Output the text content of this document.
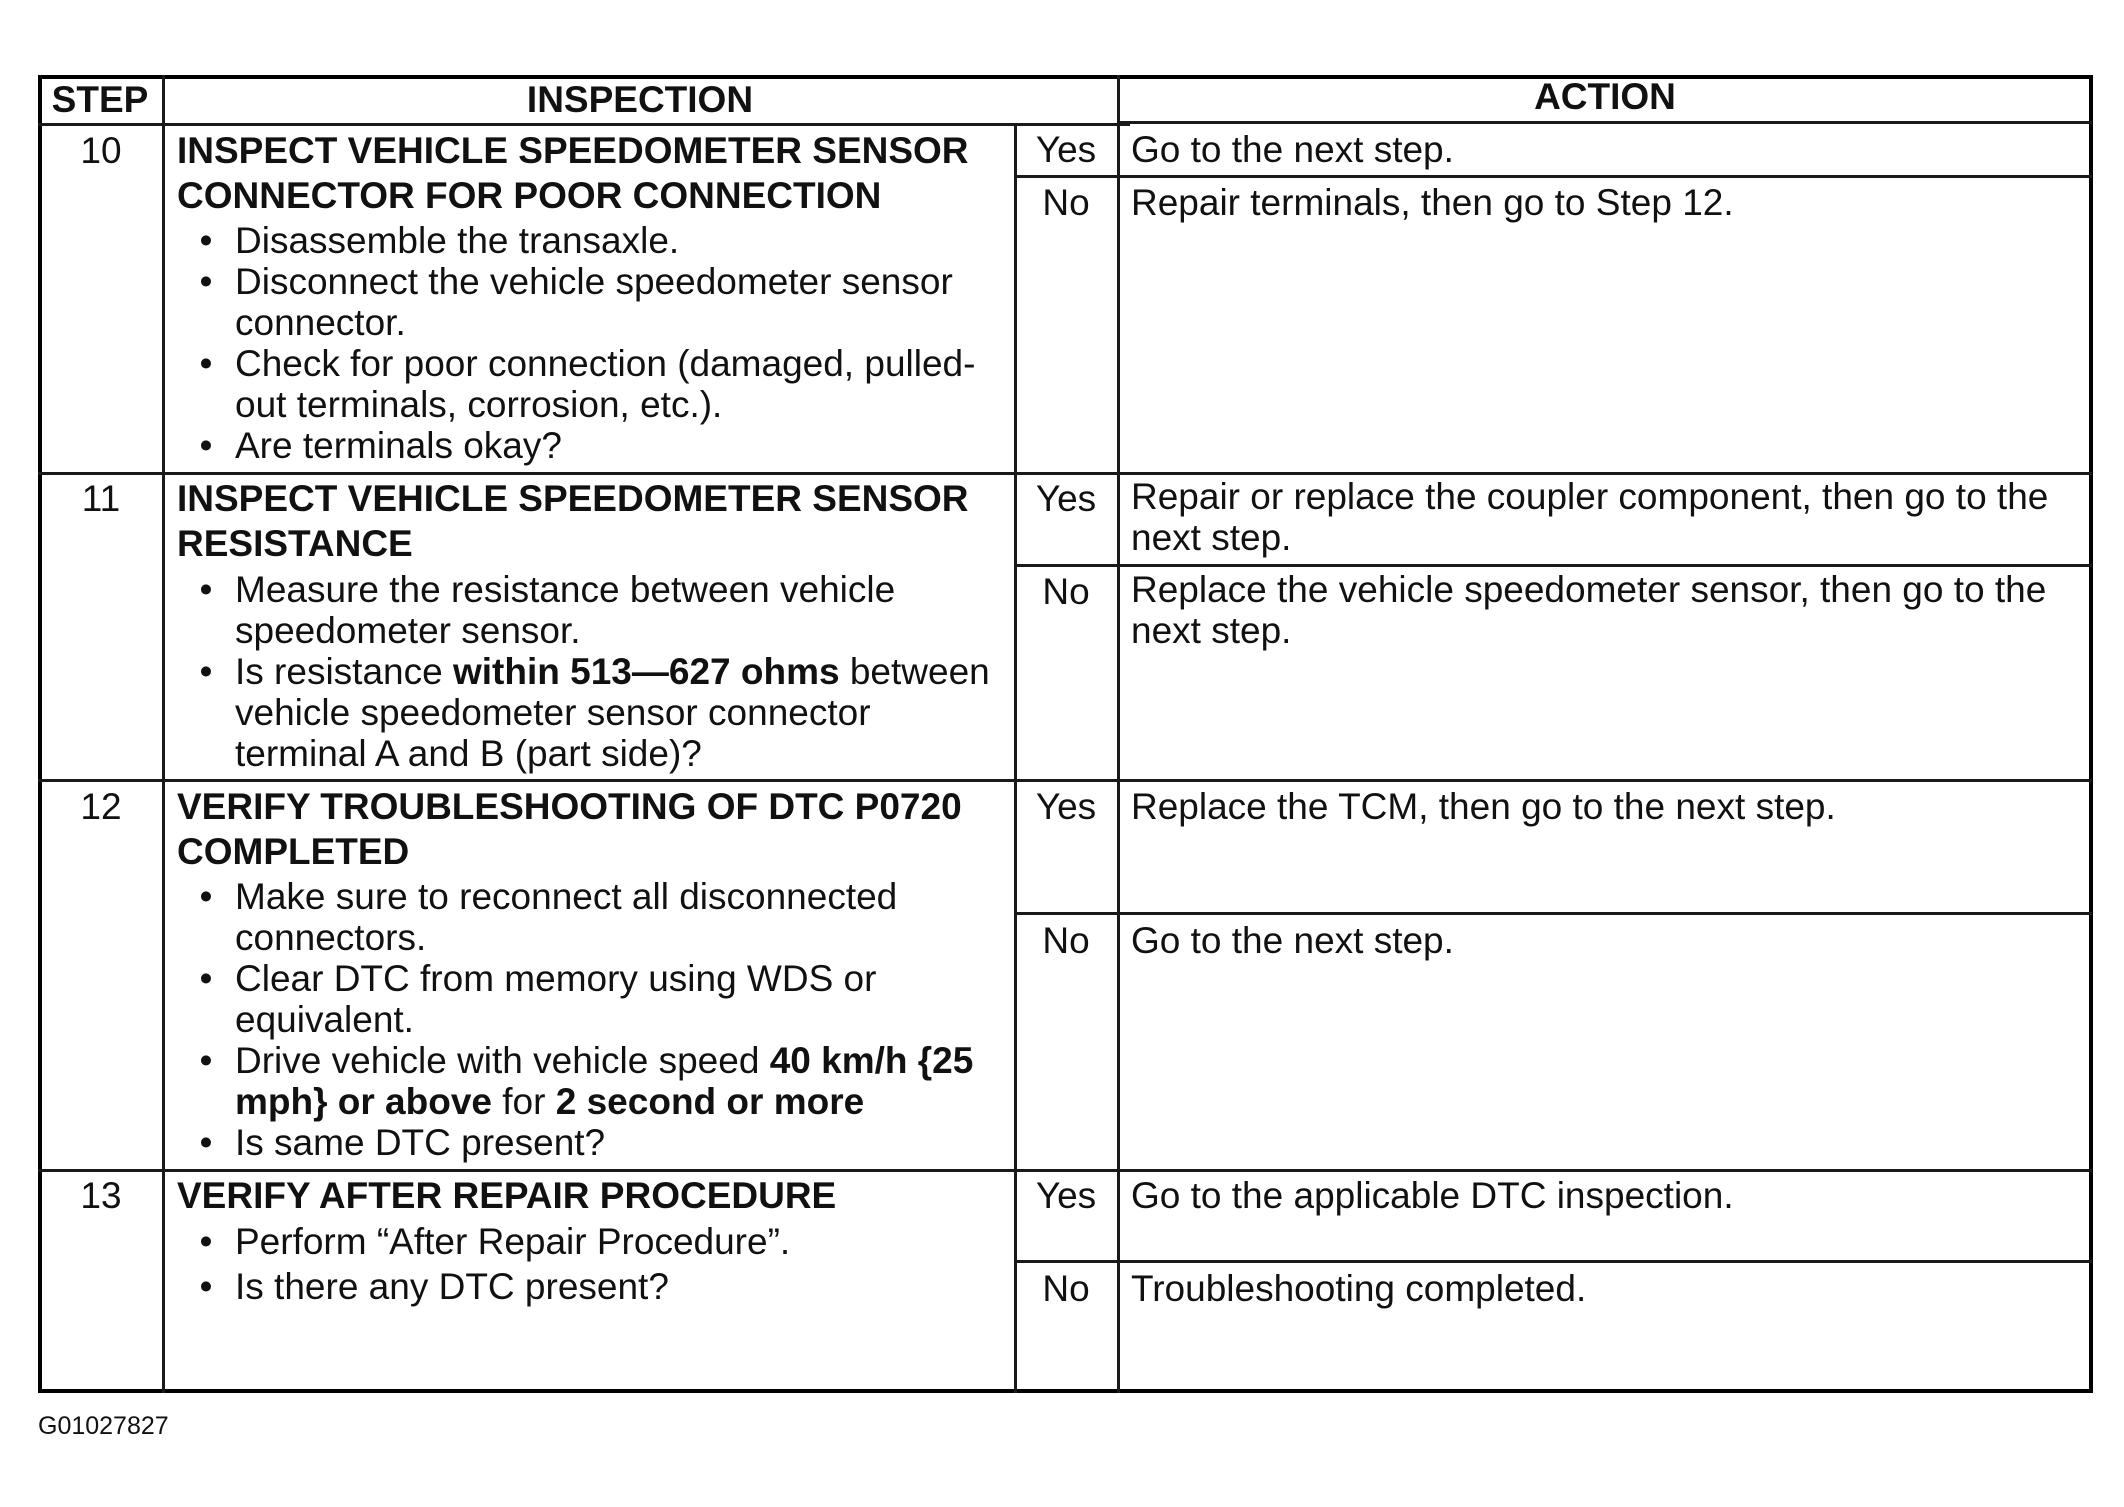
STEP	INSPECTION	ACTION
10	INSPECT VEHICLE SPEEDOMETER SENSOR
CONNECTOR FOR POOR CONNECTION
• Disassemble the transaxle.
• Disconnect the vehicle speedometer sensor
connector.
• Check for poor connection (damaged, pulled-
out terminals, corrosion, etc.).
• Are terminals okay?
Yes Go to the next step.
No	Repair terminals, then go to Step 12.
11	INSPECT VEHICLE SPEEDOMETER SENSOR
RESISTANCE
• Measure the resistance between vehicle
speedometer sensor.
• Is resistance within 513—627 ohms between
vehicle speedometer sensor connector
terminal A and B (part side)?
Yes Repair or replace the coupler component, then go to the
next step.
No	Replace the vehicle speedometer sensor, then go to the
next step.
12	VERIFY TROUBLESHOOTING OF DTC P0720
COMPLETED
• Make sure to reconnect all disconnected
connectors.
• Clear DTC from memory using WDS or
equivalent.
• Drive vehicle with vehicle speed 40 km/h {25
mph} or above for 2 second or more
• Is same DTC present?
Yes Replace the TCM, then go to the next step.
No	Go to the next step.
13	VERIFY AFTER REPAIR PROCEDURE
• Perform “After Repair Procedure”.
• Is there any DTC present?
Yes Go to the applicable DTC inspection.
No	Troubleshooting completed.
G01027827
